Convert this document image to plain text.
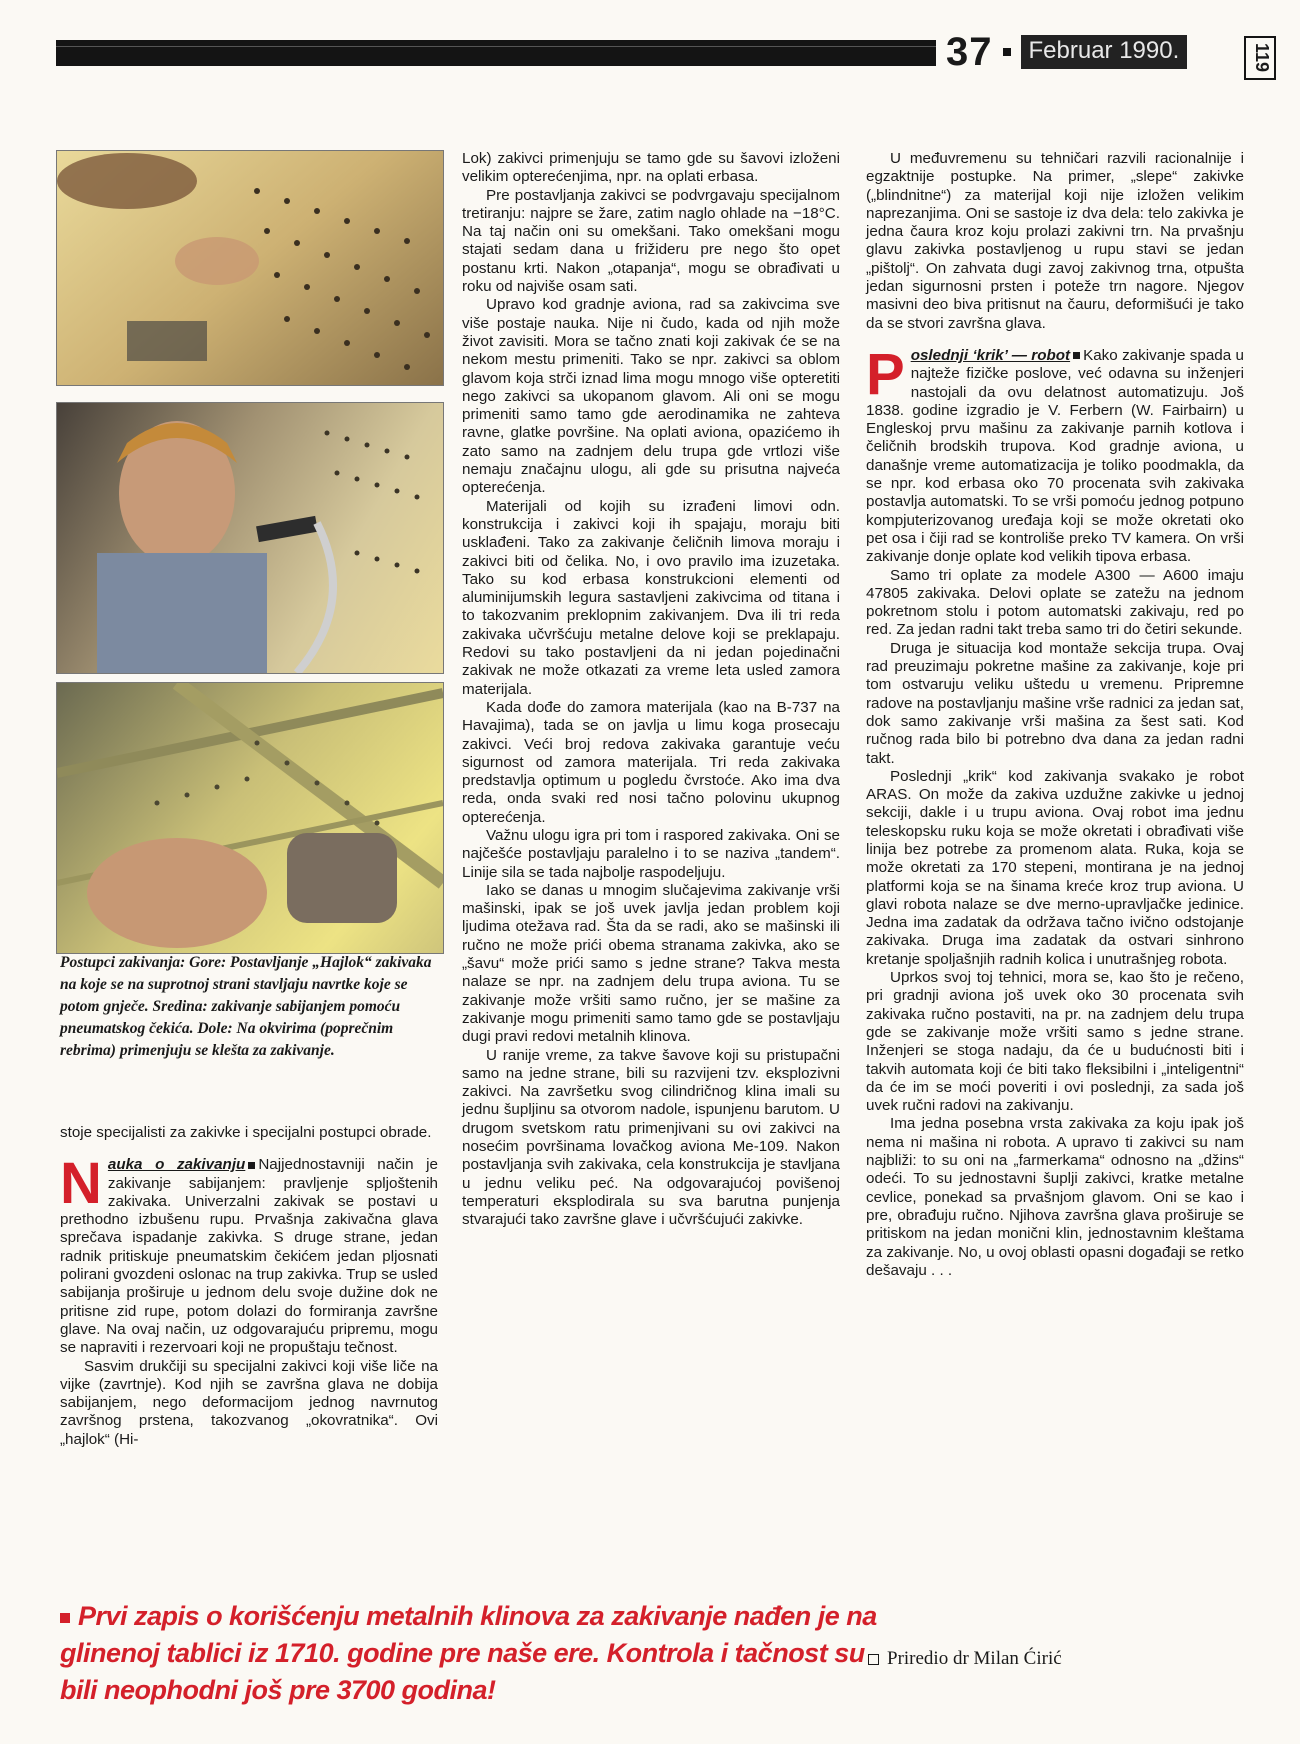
37	Februar 1990.	119
Postupci zakivanja: Gore: Postavljanje „Hajlok“ zakivaka na koje se na suprotnoj strani stavljaju navrtke koje se potom gnječe. Sredina: zakivanje sabijanjem pomoću pneumatskog čekića. Dole: Na okvirima (poprečnim rebrima) primenjuju se klešta za zakivanje.

stoje specijalisti za zakivke i specijalni postupci obrade.

N auka o zakivanju Najjednostavniji način je zakivanje sabijanjem: pravljenje spljoštenih zakivaka. Univerzalni zakivak se postavi u prethodno izbušenu rupu. Prvašnja zakivačna glava sprečava ispadanje zakivka. S druge strane, jedan radnik pritiskuje pneumatskim čekićem jedan pljosnati polirani gvozdeni oslonac na trup zakivka. Trup se usled sabijanja proširuje u jednom delu svoje dužine dok ne pritisne zid rupe, potom dolazi do formiranja završne glave. Na ovaj način, uz odgovarajuću pripremu, mogu se napraviti i rezervoari koji ne propuštaju tečnost.

Sasvim drukčiji su specijalni zakivci koji više liče na vijke (zavrtnje). Kod njih se završna glava ne dobija sabijanjem, nego deformacijom jednog navrnutog završnog prstena, takozvanog „okovratnika“. Ovi „hajlok“ (Hi-

Lok) zakivci primenjuju se tamo gde su šavovi izloženi velikim opterećenjima, npr. na oplati erbasa.

Pre postavljanja zakivci se podvrgavaju specijalnom tretiranju: najpre se žare, zatim naglo ohlade na −18°C. Na taj način oni su omekšani. Tako omekšani mogu stajati sedam dana u frižideru pre nego što opet postanu krti. Nakon „otapanja“, mogu se obrađivati u roku od najviše osam sati.

Upravo kod gradnje aviona, rad sa zakivcima sve više postaje nauka. Nije ni čudo, kada od njih može život zavisiti. Mora se tačno znati koji zakivak će se na nekom mestu primeniti. Tako se npr. zakivci sa oblom glavom koja strči iznad lima mogu mnogo više opteretiti nego zakivci sa ukopanom glavom. Ali oni se mogu primeniti samo tamo gde aerodinamika ne zahteva ravne, glatke površine. Na oplati aviona, opazićemo ih zato samo na zadnjem delu trupa gde vrtlozi više nemaju značajnu ulogu, ali gde su prisutna najveća opterećenja.

Materijali od kojih su izrađeni limovi odn. konstrukcija i zakivci koji ih spajaju, moraju biti usklađeni. Tako za zakivanje čeličnih limova moraju i zakivci biti od čelika. No, i ovo pravilo ima izuzetaka. Tako su kod erbasa konstrukcioni elementi od aluminijumskih legura sastavljeni zakivcima od titana i to takozvanim preklopnim zakivanjem. Dva ili tri reda zakivaka učvršćuju metalne delove koji se preklapaju. Redovi su tako postavljeni da ni jedan pojedinačni zakivak ne može otkazati za vreme leta usled zamora materijala.

Kada dođe do zamora materijala (kao na B-737 na Havajima), tada se on javlja u limu koga prosecaju zakivci. Veći broj redova zakivaka garantuje veću sigurnost od zamora materijala. Tri reda zakivaka predstavlja optimum u pogledu čvrstoće. Ako ima dva reda, onda svaki red nosi tačno polovinu ukupnog opterećenja.

Važnu ulogu igra pri tom i raspored zakivaka. Oni se najčešće postavljaju paralelno i to se naziva „tandem“. Linije sila se tada najbolje raspodeljuju.

Iako se danas u mnogim slučajevima zakivanje vrši mašinski, ipak se još uvek javlja jedan problem koji ljudima otežava rad. Šta da se radi, ako se mašinski ili ručno ne može prići obema stranama zakivka, ako se „šavu“ može prići samo s jedne strane? Takva mesta nalaze se npr. na zadnjem delu trupa aviona. Tu se zakivanje može vršiti samo ručno, jer se mašine za zakivanje mogu primeniti samo tamo gde se postavljaju dugi pravi redovi metalnih klinova.

U ranije vreme, za takve šavove koji su pristupačni samo na jedne strane, bili su razvijeni tzv. eksplozivni zakivci. Na završetku svog cilindričnog klina imali su jednu šupljinu sa otvorom nadole, ispunjenu barutom. U drugom svetskom ratu primenjivani su ovi zakivci na nosećim površinama lovačkog aviona Me-109. Nakon postavljanja svih zakivaka, cela konstrukcija je stavljana u jednu veliku peć. Na odgovarajućoj povišenoj temperaturi eksplodirala su sva barutna punjenja stvarajući tako završne glave i učvršćujući zakivke.

U međuvremenu su tehničari razvili racionalnije i egzaktnije postupke. Na primer, „slepe“ zakivke („blindnitne“) za materijal koji nije izložen velikim naprezanjima. Oni se sastoje iz dva dela: telo zakivka je jedna čaura kroz koju prolazi zakivni trn. Na prvašnju glavu zakivka postavljenog u rupu stavi se jedan „pištolj“. On zahvata dugi zavoj zakivnog trna, otpušta jedan sigurnosni prsten i poteže trn nagore. Njegov masivni deo biva pritisnut na čauru, deformišući je tako da se stvori završna glava.

P oslednji ‘krik’ — robot Kako zakivanje spada u najteže fizičke poslove, već odavna su inženjeri nastojali da ovu delatnost automatizuju. Još 1838. godine izgradio je V. Ferbern (W. Fairbairn) u Engleskoj prvu mašinu za zakivanje parnih kotlova i čeličnih brodskih trupova. Kod gradnje aviona, u današnje vreme automatizacija je toliko poodmakla, da se npr. kod erbasa oko 70 procenata svih zakivaka postavlja automatski. To se vrši pomoću jednog potpuno kompjuterizovanog uređaja koji se može okretati oko pet osa i čiji rad se kontroliše preko TV kamera. On vrši zakivanje donje oplate kod velikih tipova erbasa.

Samo tri oplate za modele A300 — A600 imaju 47805 zakivaka. Delovi oplate se zatežu na jednom pokretnom stolu i potom automatski zakivaju, red po red. Za jedan radni takt treba samo tri do četiri sekunde.

Druga je situacija kod montaže sekcija trupa. Ovaj rad preuzimaju pokretne mašine za zakivanje, koje pri tom ostvaruju veliku uštedu u vremenu. Pripremne radove na postavljanju mašine vrše radnici za jedan sat, dok samo zakivanje vrši mašina za šest sati. Kod ručnog rada bilo bi potrebno dva dana za jedan radni takt.

Poslednji „krik“ kod zakivanja svakako je robot ARAS. On može da zakiva uzdužne zakivke u jednoj sekciji, dakle i u trupu aviona. Ovaj robot ima jednu teleskopsku ruku koja se može okretati i obrađivati više linija bez potrebe za promenom alata. Ruka, koja se može okretati za 170 stepeni, montirana je na jednoj platformi koja se na šinama kreće kroz trup aviona. U glavi robota nalaze se dve merno-upravljačke jedinice. Jedna ima zadatak da održava tačno ivično odstojanje zakivaka. Druga ima zadatak da ostvari sinhrono kretanje spoljašnjih radnih kolica i unutrašnjeg robota.

Uprkos svoj toj tehnici, mora se, kao što je rečeno, pri gradnji aviona još uvek oko 30 procenata svih zakivaka ručno postaviti, na pr. na zadnjem delu trupa gde se zakivanje može vršiti samo s jedne strane. Inženjeri se stoga nadaju, da će u budućnosti biti i takvih automata koji će biti tako fleksibilni i „inteligentni“ da će im se moći poveriti i ovi poslednji, za sada još uvek ručni radovi na zakivanju.

Ima jedna posebna vrsta zakivaka za koju ipak još nema ni mašina ni robota. A upravo ti zakivci su nam najbliži: to su oni na „farmerkama“ odnosno na „džins“ odeći. To su jednostavni šuplji zakivci, kratke metalne cevlice, ponekad sa prvašnjom glavom. Oni se kao i pre, obrađuju ručno. Njihova završna glava proširuje se pritiskom na jedan monični klin, jednostavnim kleštama za zakivanje. No, u ovoj oblasti opasni događaji se retko dešavaju . . .

Prvi zapis o korišćenju metalnih klinova za zakivanje nađen je na glinenoj tablici iz 1710. godine pre naše ere. Kontrola i tačnost su bili neophodni još pre 3700 godina!
Priredio dr Milan Ćirić
